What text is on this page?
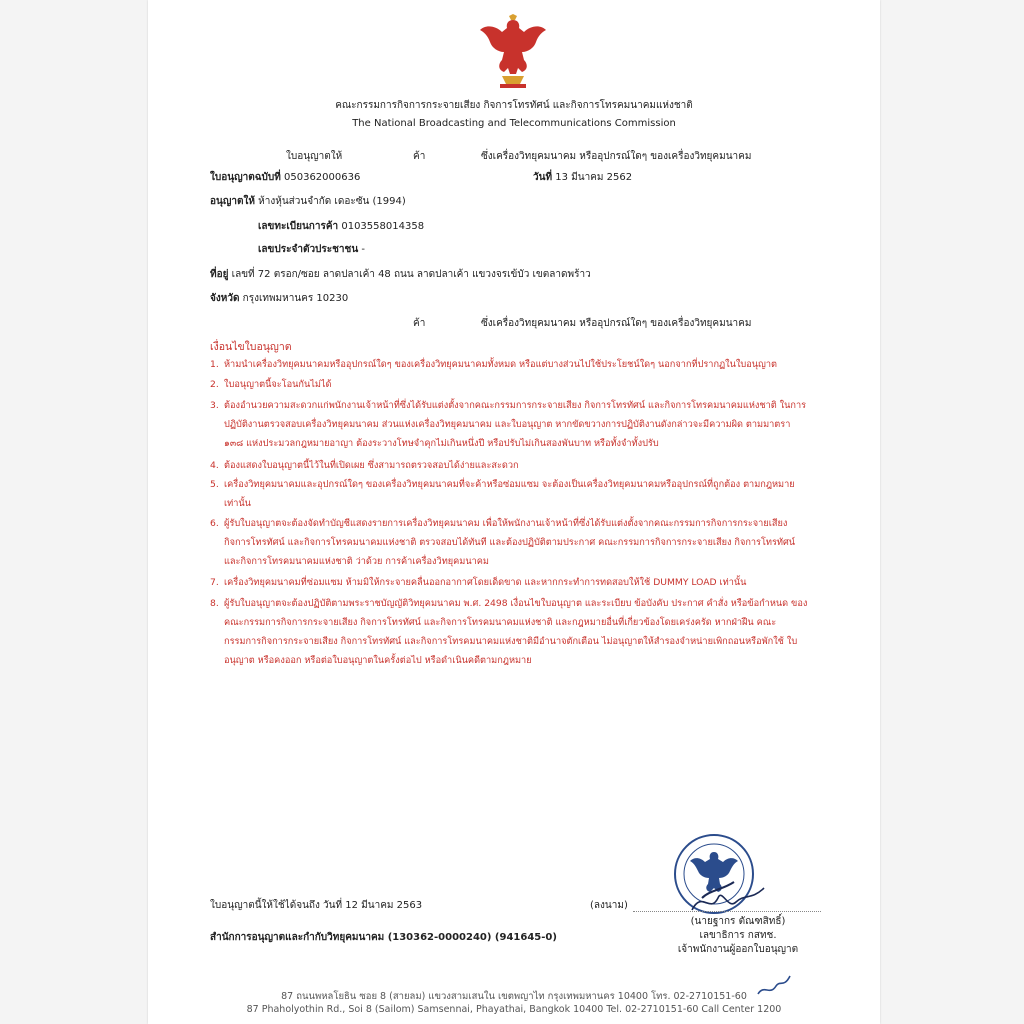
คณะกรรมการกิจการกระจายเสียง กิจการโทรทัศน์ และกิจการโทรคมนาคมแห่งชาติ
The National Broadcasting and Telecommunications Commission
ใบอนุญาตให้	ค้า	ซึ่งเครื่องวิทยุคมนาคม หรืออุปกรณ์ใดๆ ของเครื่องวิทยุคมนาคม
ใบอนุญาตฉบับที่ 050362000636	วันที่ 13 มีนาคม 2562
อนุญาตให้ ห้างหุ้นส่วนจำกัด เดอะซัน (1994)
เลขทะเบียนการค้า 0103558014358
เลขประจำตัวประชาชน -
ที่อยู่ เลขที่ 72 ตรอก/ซอย ลาดปลาเค้า 48 ถนน ลาดปลาเค้า แขวงจรเข้บัว เขตลาดพร้าว
จังหวัด กรุงเทพมหานคร 10230
ค้า	ซึ่งเครื่องวิทยุคมนาคม หรืออุปกรณ์ใดๆ ของเครื่องวิทยุคมนาคม
เงื่อนไขใบอนุญาต
1. ห้ามนำเครื่องวิทยุคมนาคมหรืออุปกรณ์ใดๆ ของเครื่องวิทยุคมนาคมทั้งหมด หรือแต่บางส่วนไปใช้ประโยชน์ใดๆ นอกจากที่ปรากฏในใบอนุญาต
2. ใบอนุญาตนี้จะโอนกันไม่ได้
3. ต้องอำนวยความสะดวกแก่พนักงานเจ้าหน้าที่ซึ่งได้รับแต่งตั้งจากคณะกรรมการกระจายเสียง กิจการโทรทัศน์ และกิจการโทรคมนาคมแห่งชาติ ในการปฏิบัติงานตรวจสอบเครื่องวิทยุคมนาคม ส่วนแห่งเครื่องวิทยุคมนาคม และใบอนุญาต หากขัดขวางการปฏิบัติงานดังกล่าวจะมีความผิด ตามมาตรา ๑๓๘ แห่งประมวลกฎหมายอาญา ต้องระวางโทษจำคุกไม่เกินหนึ่งปี หรือปรับไม่เกินสองพันบาท หรือทั้งจำทั้งปรับ
4. ต้องแสดงใบอนุญาตนี้ไว้ในที่เปิดเผย ซึ่งสามารถตรวจสอบได้ง่ายและสะดวก
5. เครื่องวิทยุคมนาคมและอุปกรณ์ใดๆ ของเครื่องวิทยุคมนาคมที่จะค้าหรือซ่อมแซม จะต้องเป็นเครื่องวิทยุคมนาคมหรืออุปกรณ์ที่ถูกต้อง ตามกฎหมายเท่านั้น
6. ผู้รับใบอนุญาตจะต้องจัดทำบัญชีแสดงรายการเครื่องวิทยุคมนาคม เพื่อให้พนักงานเจ้าหน้าที่ซึ่งได้รับแต่งตั้งจากคณะกรรมการกิจการกระจายเสียง กิจการโทรทัศน์ และกิจการโทรคมนาคมแห่งชาติ ตรวจสอบได้ทันที และต้องปฏิบัติตามประกาศ คณะกรรมการกิจการกระจายเสียง กิจการโทรทัศน์ และกิจการโทรคมนาคมแห่งชาติ ว่าด้วย การค้าเครื่องวิทยุคมนาคม
7. เครื่องวิทยุคมนาคมที่ซ่อมแซม ห้ามมิให้กระจายคลื่นออกอากาศโดยเด็ดขาด และหากกระทำการทดสอบให้ใช้ DUMMY LOAD เท่านั้น
8. ผู้รับใบอนุญาตจะต้องปฏิบัติตามพระราชบัญญัติวิทยุคมนาคม พ.ศ. 2498 เงื่อนไขใบอนุญาต และระเบียบ ข้อบังคับ ประกาศ คำสั่ง หรือข้อกำหนด ของคณะกรรมการกิจการกระจายเสียง กิจการโทรทัศน์ และกิจการโทรคมนาคมแห่งชาติ และกฎหมายอื่นที่เกี่ยวข้องโดยเคร่งครัด หากฝ่าฝืน คณะกรรมการกิจการกระจายเสียง กิจการโทรทัศน์ และกิจการโทรคมนาคมแห่งชาติมีอำนาจตักเตือน ไม่อนุญาตให้สำรองจำหน่ายเพิกถอนหรือพักใช้ ใบอนุญาต หรือคงออก หรือต่อใบอนุญาตในครั้งต่อไป หรือดำเนินคดีตามกฎหมาย
ใบอนุญาตนี้ให้ใช้ได้จนถึง วันที่ 12 มีนาคม 2563	(ลงนาม)
สำนักการอนุญาตและกำกับวิทยุคมนาคม (130362-0000240) (941645-0)
(นายฐากร ตัณฑสิทธิ์)
เลขาธิการ กสทช.
เจ้าพนักงานผู้ออกใบอนุญาต
87 ถนนพหลโยธิน ซอย 8 (สายลม) แขวงสามเสนใน เขตพญาไท กรุงเทพมหานคร 10400 โทร. 02-2710151-60
87 Phaholyothin Rd., Soi 8 (Sailom) Samsennai, Phayathai, Bangkok 10400 Tel. 02-2710151-60 Call Center 1200
